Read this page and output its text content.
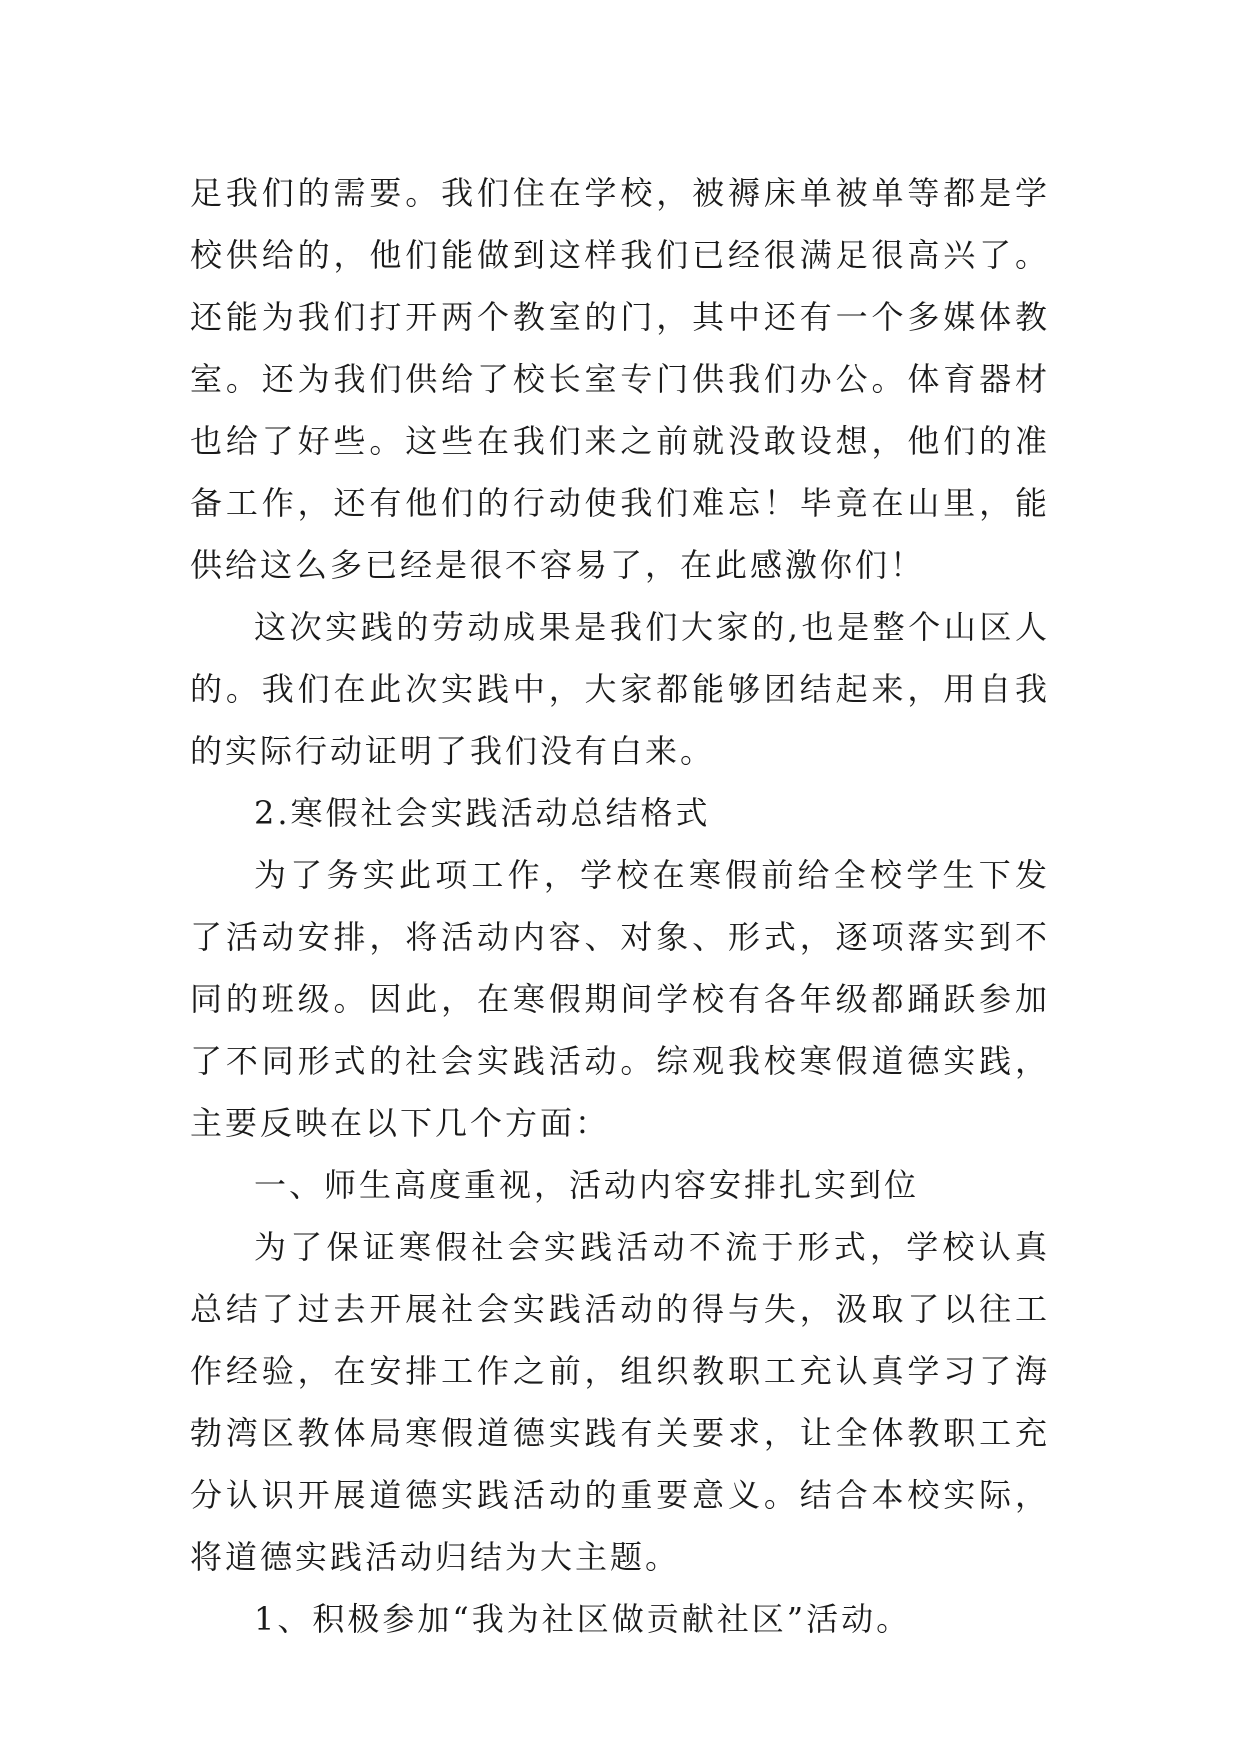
足我们的需要。我们住在学校，被褥床单被单等都是学校供给的，他们能做到这样我们已经很满足很高兴了。还能为我们打开两个教室的门，其中还有一个多媒体教室。还为我们供给了校长室专门供我们办公。体育器材也给了好些。这些在我们来之前就没敢设想，他们的准备工作，还有他们的行动使我们难忘！毕竟在山里，能供给这么多已经是很不容易了，在此感激你们！

这次实践的劳动成果是我们大家的,也是整个山区人的。我们在此次实践中，大家都能够团结起来，用自我的实际行动证明了我们没有白来。

2.寒假社会实践活动总结格式

为了务实此项工作，学校在寒假前给全校学生下发了活动安排，将活动内容、对象、形式，逐项落实到不同的班级。因此，在寒假期间学校有各年级都踊跃参加了不同形式的社会实践活动。综观我校寒假道德实践，主要反映在以下几个方面：

一、师生高度重视，活动内容安排扎实到位

为了保证寒假社会实践活动不流于形式，学校认真总结了过去开展社会实践活动的得与失，汲取了以往工作经验，在安排工作之前，组织教职工充认真学习了海勃湾区教体局寒假道德实践有关要求，让全体教职工充分认识开展道德实践活动的重要意义。结合本校实际，将道德实践活动归结为大主题。

1、积极参加“我为社区做贡献社区”活动。
